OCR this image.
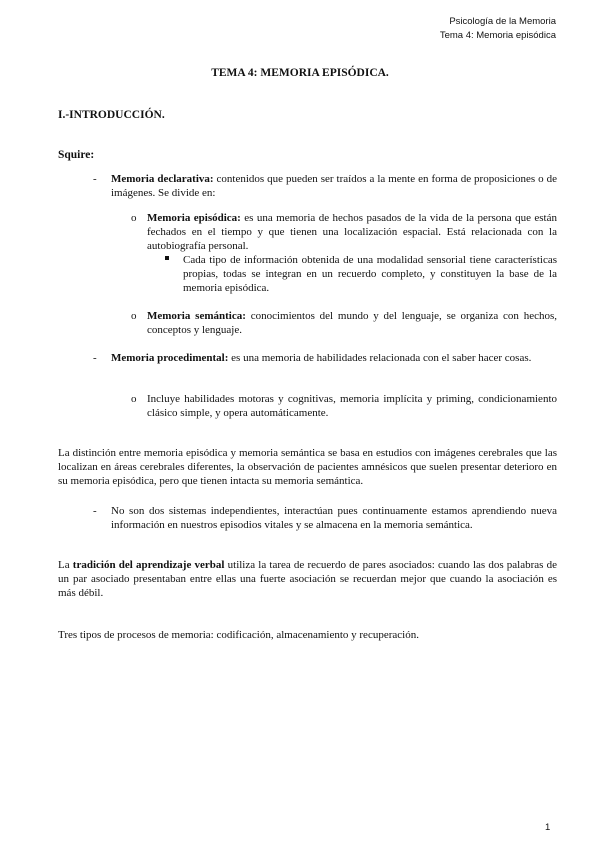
Psicología de la Memoria
Tema 4: Memoria episódica
TEMA 4: MEMORIA EPISÓDICA.
I.-INTRODUCCIÓN.
Squire:
- Memoria declarativa: contenidos que pueden ser traídos a la mente en forma de proposiciones o de imágenes. Se divide en:
o Memoria episódica: es una memoria de hechos pasados de la vida de la persona que están fechados en el tiempo y que tienen una localización espacial. Está relacionada con la autobiografía personal.
Cada tipo de información obtenida de una modalidad sensorial tiene características propias, todas se integran en un recuerdo completo, y constituyen la base de la memoria episódica.
o Memoria semántica: conocimientos del mundo y del lenguaje, se organiza con hechos, conceptos y lenguaje.
- Memoria procedimental: es una memoria de habilidades relacionada con el saber hacer cosas.
o Incluye habilidades motoras y cognitivas, memoria implícita y priming, condicionamiento clásico simple, y opera automáticamente.
La distinción entre memoria episódica y memoria semántica se basa en estudios con imágenes cerebrales que las localizan en áreas cerebrales diferentes, la observación de pacientes amnésicos que suelen presentar deterioro en su memoria episódica, pero que tienen intacta su memoria semántica.
- No son dos sistemas independientes, interactúan pues continuamente estamos aprendiendo nueva información en nuestros episodios vitales y se almacena en la memoria semántica.
La tradición del aprendizaje verbal utiliza la tarea de recuerdo de pares asociados: cuando las dos palabras de un par asociado presentaban entre ellas una fuerte asociación se recuerdan mejor que cuando la asociación es más débil.
Tres tipos de procesos de memoria: codificación, almacenamiento y recuperación.
1
